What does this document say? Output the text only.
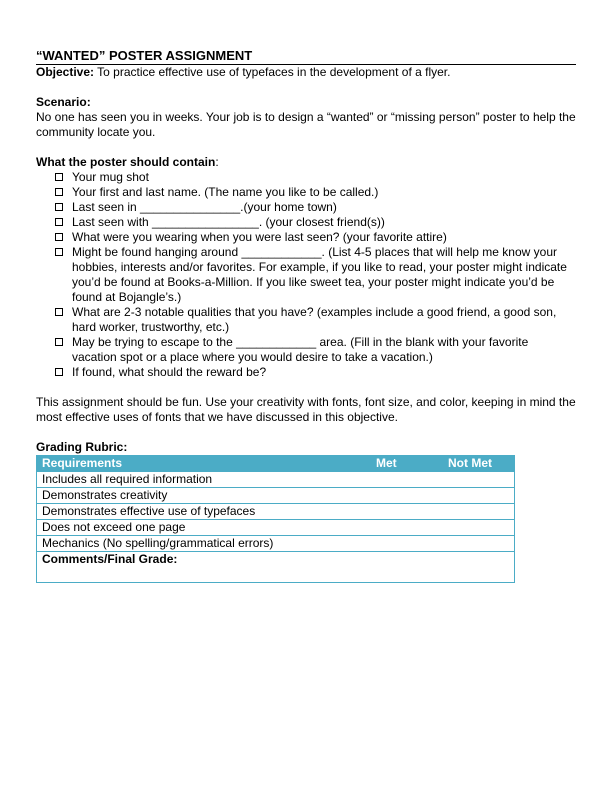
“WANTED” POSTER ASSIGNMENT

Objective: To practice effective use of typefaces in the development of a flyer.

Scenario:

No one has seen you in weeks. Your job is to design a “wanted” or “missing person” poster to help the community locate you.

What the poster should contain:

Your mug shot
Your first and last name. (The name you like to be called.)
Last seen in _______________.(your home town)
Last seen with ________________. (your closest friend(s))
What were you wearing when you were last seen? (your favorite attire)
Might be found hanging around ____________. (List 4-5 places that will help me know your hobbies, interests and/or favorites. For example, if you like to read, your poster might indicate you’d be found at Books-a-Million. If you like sweet tea, your poster might indicate you’d be found at Bojangle’s.)
What are 2-3 notable qualities that you have? (examples include a good friend, a good son, hard worker, trustworthy, etc.)
May be trying to escape to the ____________ area. (Fill in the blank with your favorite vacation spot or a place where you would desire to take a vacation.)
If found, what should the reward be?

This assignment should be fun. Use your creativity with fonts, font size, and color, keeping in mind the most effective uses of fonts that we have discussed in this objective.

Grading Rubric:

Requirements	Met	Not Met
Includes all required information
Demonstrates creativity
Demonstrates effective use of typefaces
Does not exceed one page
Mechanics (No spelling/grammatical errors)
Comments/Final Grade:
